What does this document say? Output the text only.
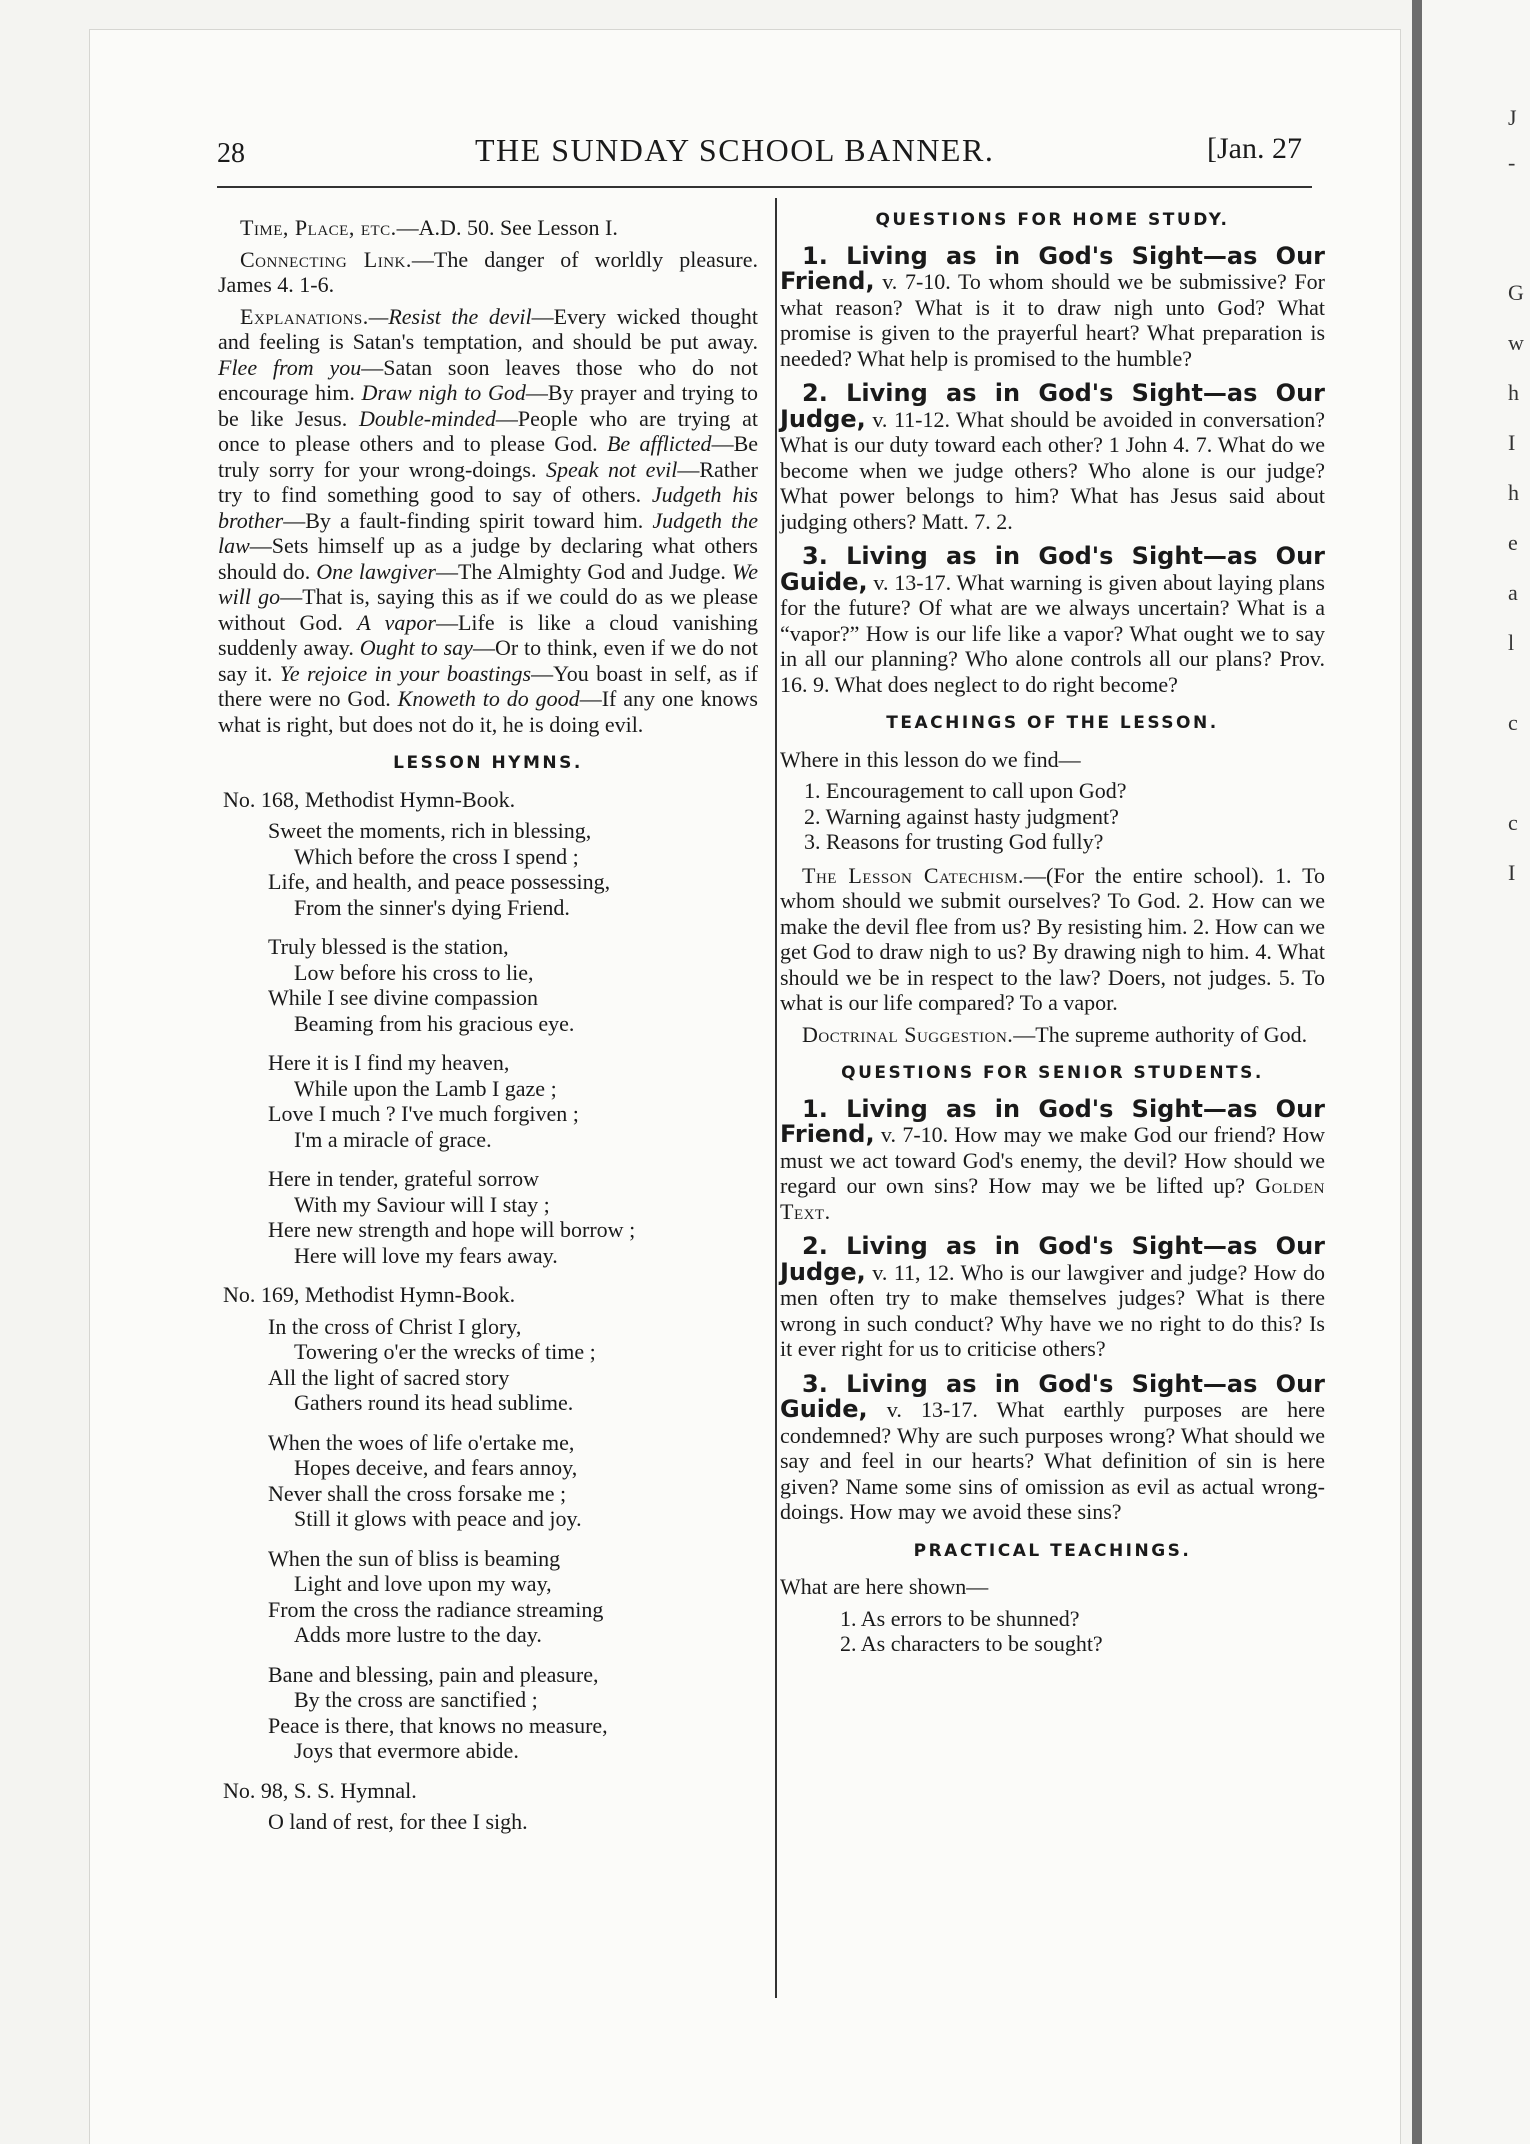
J
-
G
w
h
I
h
e
a
l
c
c
I
28	THE SUNDAY SCHOOL BANNER.	[Jan. 27

Time, Place, etc.—A.D. 50. See Lesson I.

Connecting Link.—The danger of worldly pleasure. James 4. 1-6.

Explanations.—Resist the devil—Every wicked thought and feeling is Satan's temptation, and should be put away. Flee from you—Satan soon leaves those who do not encourage him. Draw nigh to God—By prayer and trying to be like Jesus. Double-minded—People who are trying at once to please others and to please God. Be afflicted—Be truly sorry for your wrong-doings. Speak not evil—Rather try to find something good to say of others. Judgeth his brother—By a fault-finding spirit toward him. Judgeth the law—Sets himself up as a judge by declaring what others should do. One lawgiver—The Almighty God and Judge. We will go—That is, saying this as if we could do as we please without God. A vapor—Life is like a cloud vanishing suddenly away. Ought to say—Or to think, even if we do not say it. Ye rejoice in your boastings—You boast in self, as if there were no God. Knoweth to do good—If any one knows what is right, but does not do it, he is doing evil.

LESSON HYMNS.
No. 168, Methodist Hymn-Book.
Sweet the moments, rich in blessing,
Which before the cross I spend ;
Life, and health, and peace possessing,
From the sinner's dying Friend.
Truly blessed is the station,
Low before his cross to lie,
While I see divine compassion
Beaming from his gracious eye.
Here it is I find my heaven,
While upon the Lamb I gaze ;
Love I much ? I've much forgiven ;
I'm a miracle of grace.
Here in tender, grateful sorrow
With my Saviour will I stay ;
Here new strength and hope will borrow ;
Here will love my fears away.
No. 169, Methodist Hymn-Book.
In the cross of Christ I glory,
Towering o'er the wrecks of time ;
All the light of sacred story
Gathers round its head sublime.
When the woes of life o'ertake me,
Hopes deceive, and fears annoy,
Never shall the cross forsake me ;
Still it glows with peace and joy.
When the sun of bliss is beaming
Light and love upon my way,
From the cross the radiance streaming
Adds more lustre to the day.
Bane and blessing, pain and pleasure,
By the cross are sanctified ;
Peace is there, that knows no measure,
Joys that evermore abide.
No. 98, S. S. Hymnal.
O land of rest, for thee I sigh.
QUESTIONS FOR HOME STUDY.
1. Living as in God's Sight—as Our Friend, v. 7-10. To whom should we be submissive? For what reason? What is it to draw nigh unto God? What promise is given to the prayerful heart? What preparation is needed? What help is promised to the humble?
2. Living as in God's Sight—as Our Judge, v. 11-12. What should be avoided in conversation? What is our duty toward each other? 1 John 4. 7. What do we become when we judge others? Who alone is our judge? What power belongs to him? What has Jesus said about judging others? Matt. 7. 2.
3. Living as in God's Sight—as Our Guide, v. 13-17. What warning is given about laying plans for the future? Of what are we always uncertain? What is a “vapor?” How is our life like a vapor? What ought we to say in all our planning? Who alone controls all our plans? Prov. 16. 9. What does neglect to do right become?
TEACHINGS OF THE LESSON.
Where in this lesson do we find—
1. Encouragement to call upon God?
2. Warning against hasty judgment?
3. Reasons for trusting God fully?

The Lesson Catechism.—(For the entire school). 1. To whom should we submit ourselves? To God. 2. How can we make the devil flee from us? By resisting him. 2. How can we get God to draw nigh to us? By drawing nigh to him. 4. What should we be in respect to the law? Doers, not judges. 5. To what is our life compared? To a vapor.

Doctrinal Suggestion.—The supreme authority of God.

QUESTIONS FOR SENIOR STUDENTS.
1. Living as in God's Sight—as Our Friend, v. 7-10. How may we make God our friend? How must we act toward God's enemy, the devil? How should we regard our own sins? How may we be lifted up? Golden Text.
2. Living as in God's Sight—as Our Judge, v. 11, 12. Who is our lawgiver and judge? How do men often try to make themselves judges? What is there wrong in such conduct? Why have we no right to do this? Is it ever right for us to criticise others?
3. Living as in God's Sight—as Our Guide, v. 13-17. What earthly purposes are here condemned? Why are such purposes wrong? What should we say and feel in our hearts? What definition of sin is here given? Name some sins of omission as evil as actual wrong-doings. How may we avoid these sins?
PRACTICAL TEACHINGS.
What are here shown—
1. As errors to be shunned?
2. As characters to be sought?
